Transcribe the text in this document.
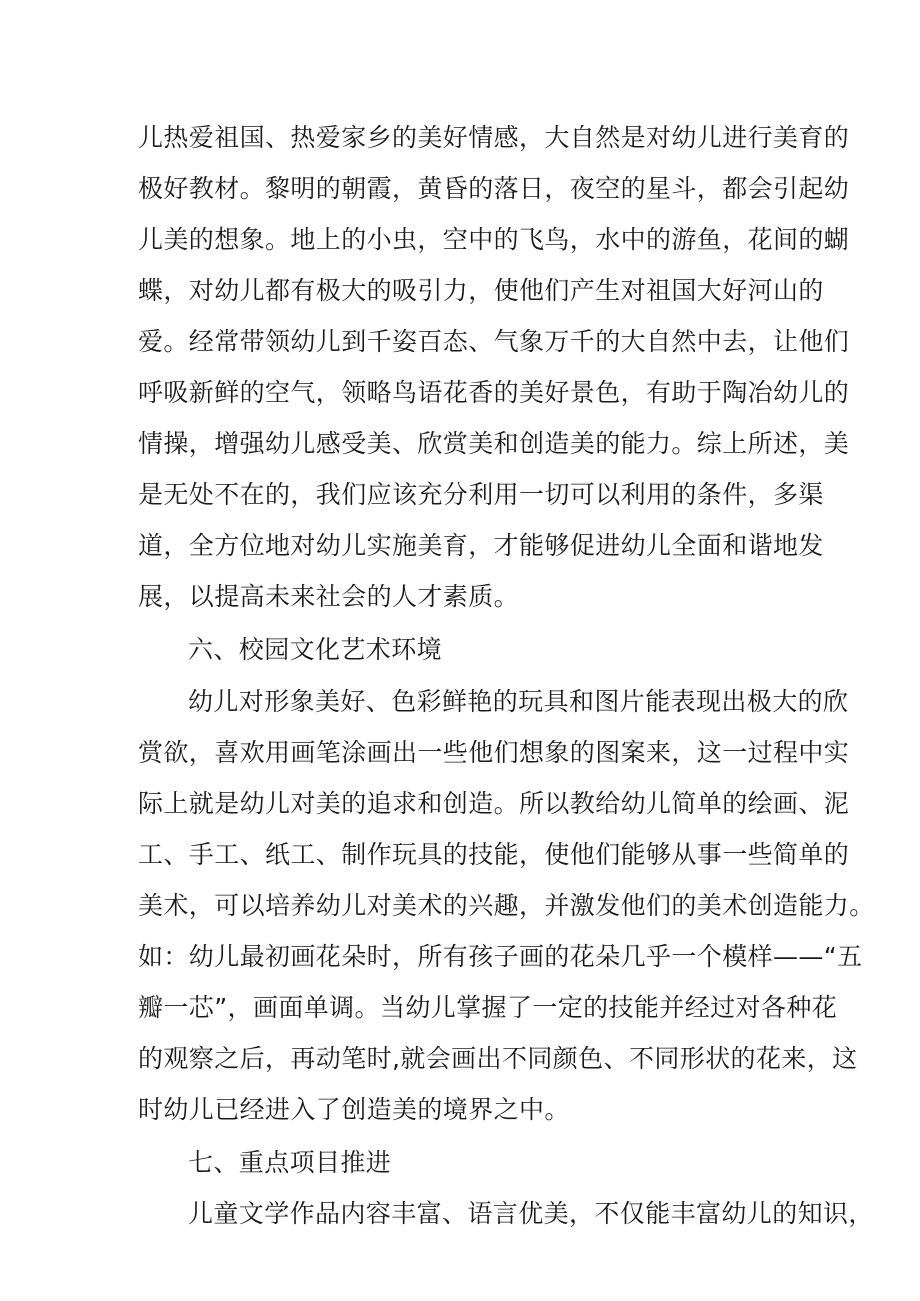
儿热爱祖国、热爱家乡的美好情感，大自然是对幼儿进行美育的
极好教材。黎明的朝霞，黄昏的落日，夜空的星斗，都会引起幼
儿美的想象。地上的小虫，空中的飞鸟，水中的游鱼，花间的蝴
蝶，对幼儿都有极大的吸引力，使他们产生对祖国大好河山的
爱。经常带领幼儿到千姿百态、气象万千的大自然中去，让他们
呼吸新鲜的空气，领略鸟语花香的美好景色，有助于陶冶幼儿的
情操，增强幼儿感受美、欣赏美和创造美的能力。综上所述，美
是无处不在的，我们应该充分利用一切可以利用的条件，多渠
道，全方位地对幼儿实施美育，才能够促进幼儿全面和谐地发
展，以提高未来社会的人才素质。
六、校园文化艺术环境
幼儿对形象美好、色彩鲜艳的玩具和图片能表现出极大的欣
赏欲，喜欢用画笔涂画出一些他们想象的图案来，这一过程中实
际上就是幼儿对美的追求和创造。所以教给幼儿简单的绘画、泥
工、手工、纸工、制作玩具的技能，使他们能够从事一些简单的
美术，可以培养幼儿对美术的兴趣，并激发他们的美术创造能力。
如：幼儿最初画花朵时，所有孩子画的花朵几乎一个模样——“五
瓣一芯”，画面单调。当幼儿掌握了一定的技能并经过对各种花
的观察之后，再动笔时,就会画出不同颜色、不同形状的花来，这
时幼儿已经进入了创造美的境界之中。
七、重点项目推进
儿童文学作品内容丰富、语言优美，不仅能丰富幼儿的知识，
